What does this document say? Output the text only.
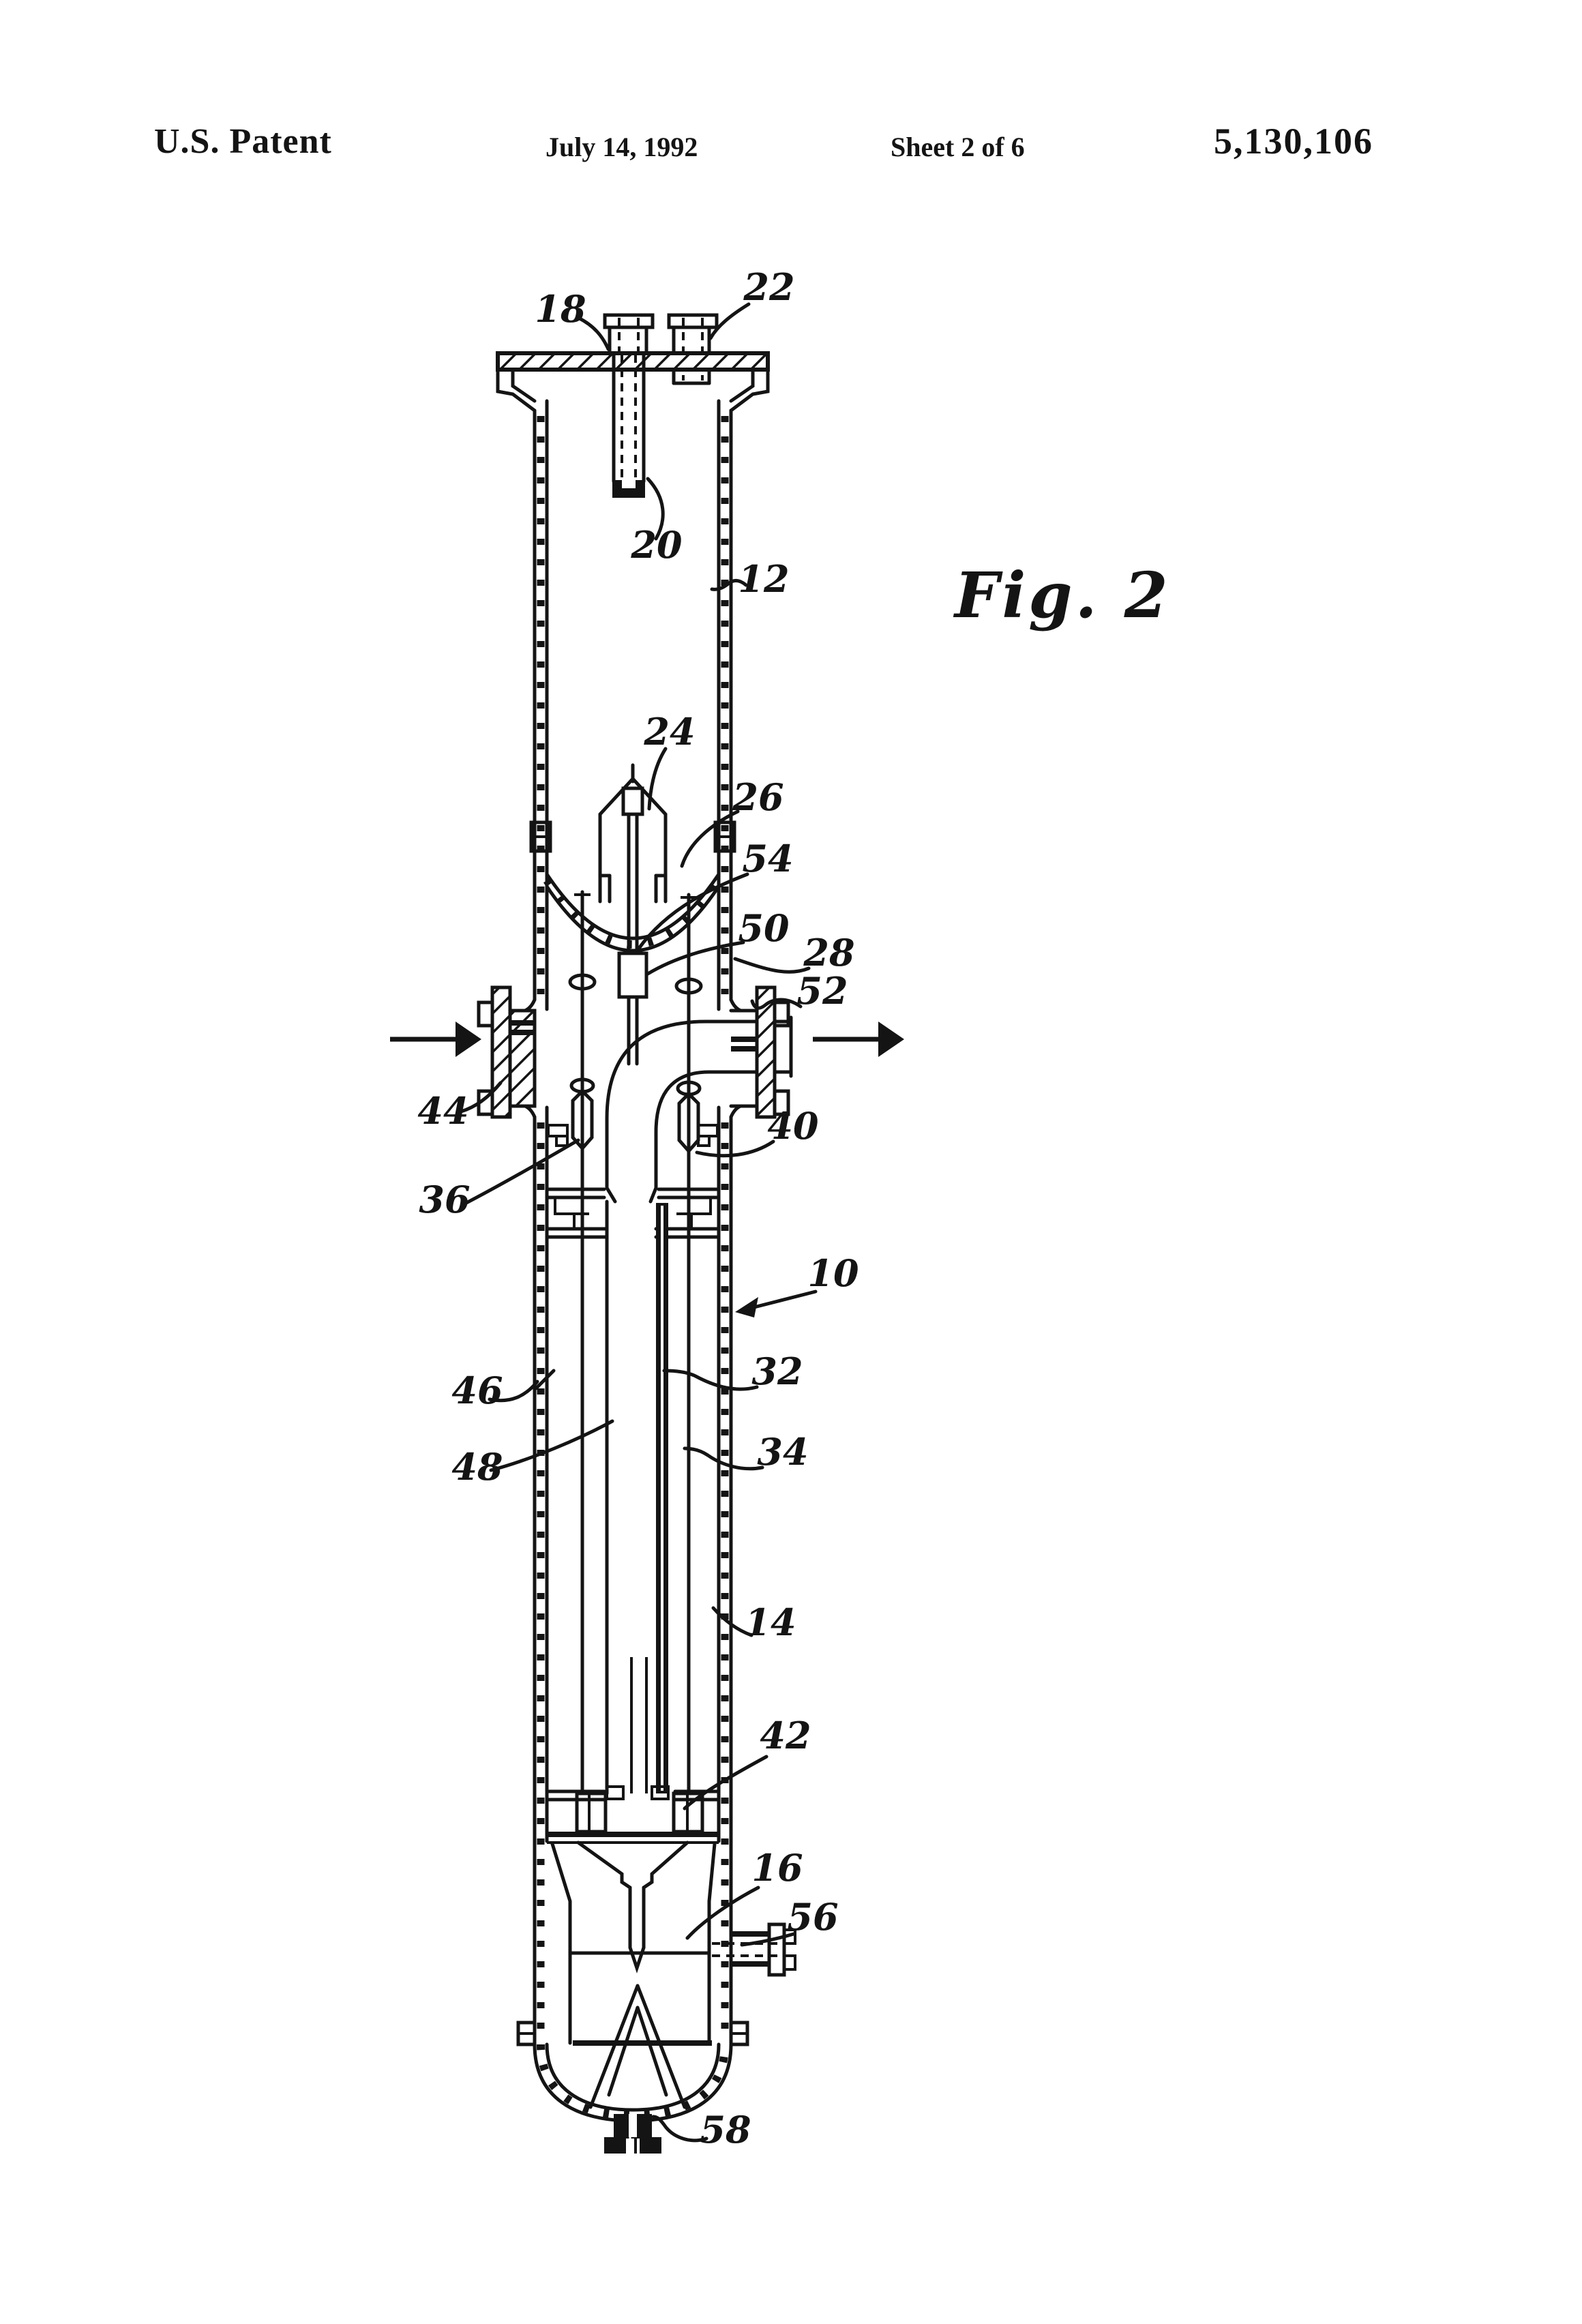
U.S. Patent	July 14, 1992	Sheet 2 of 6	5,130,106
18	22
20
12
24
26
54
50
28
52
44	40
36
10
46	32
48	34
14
42
16
56
58
Fig. 2
